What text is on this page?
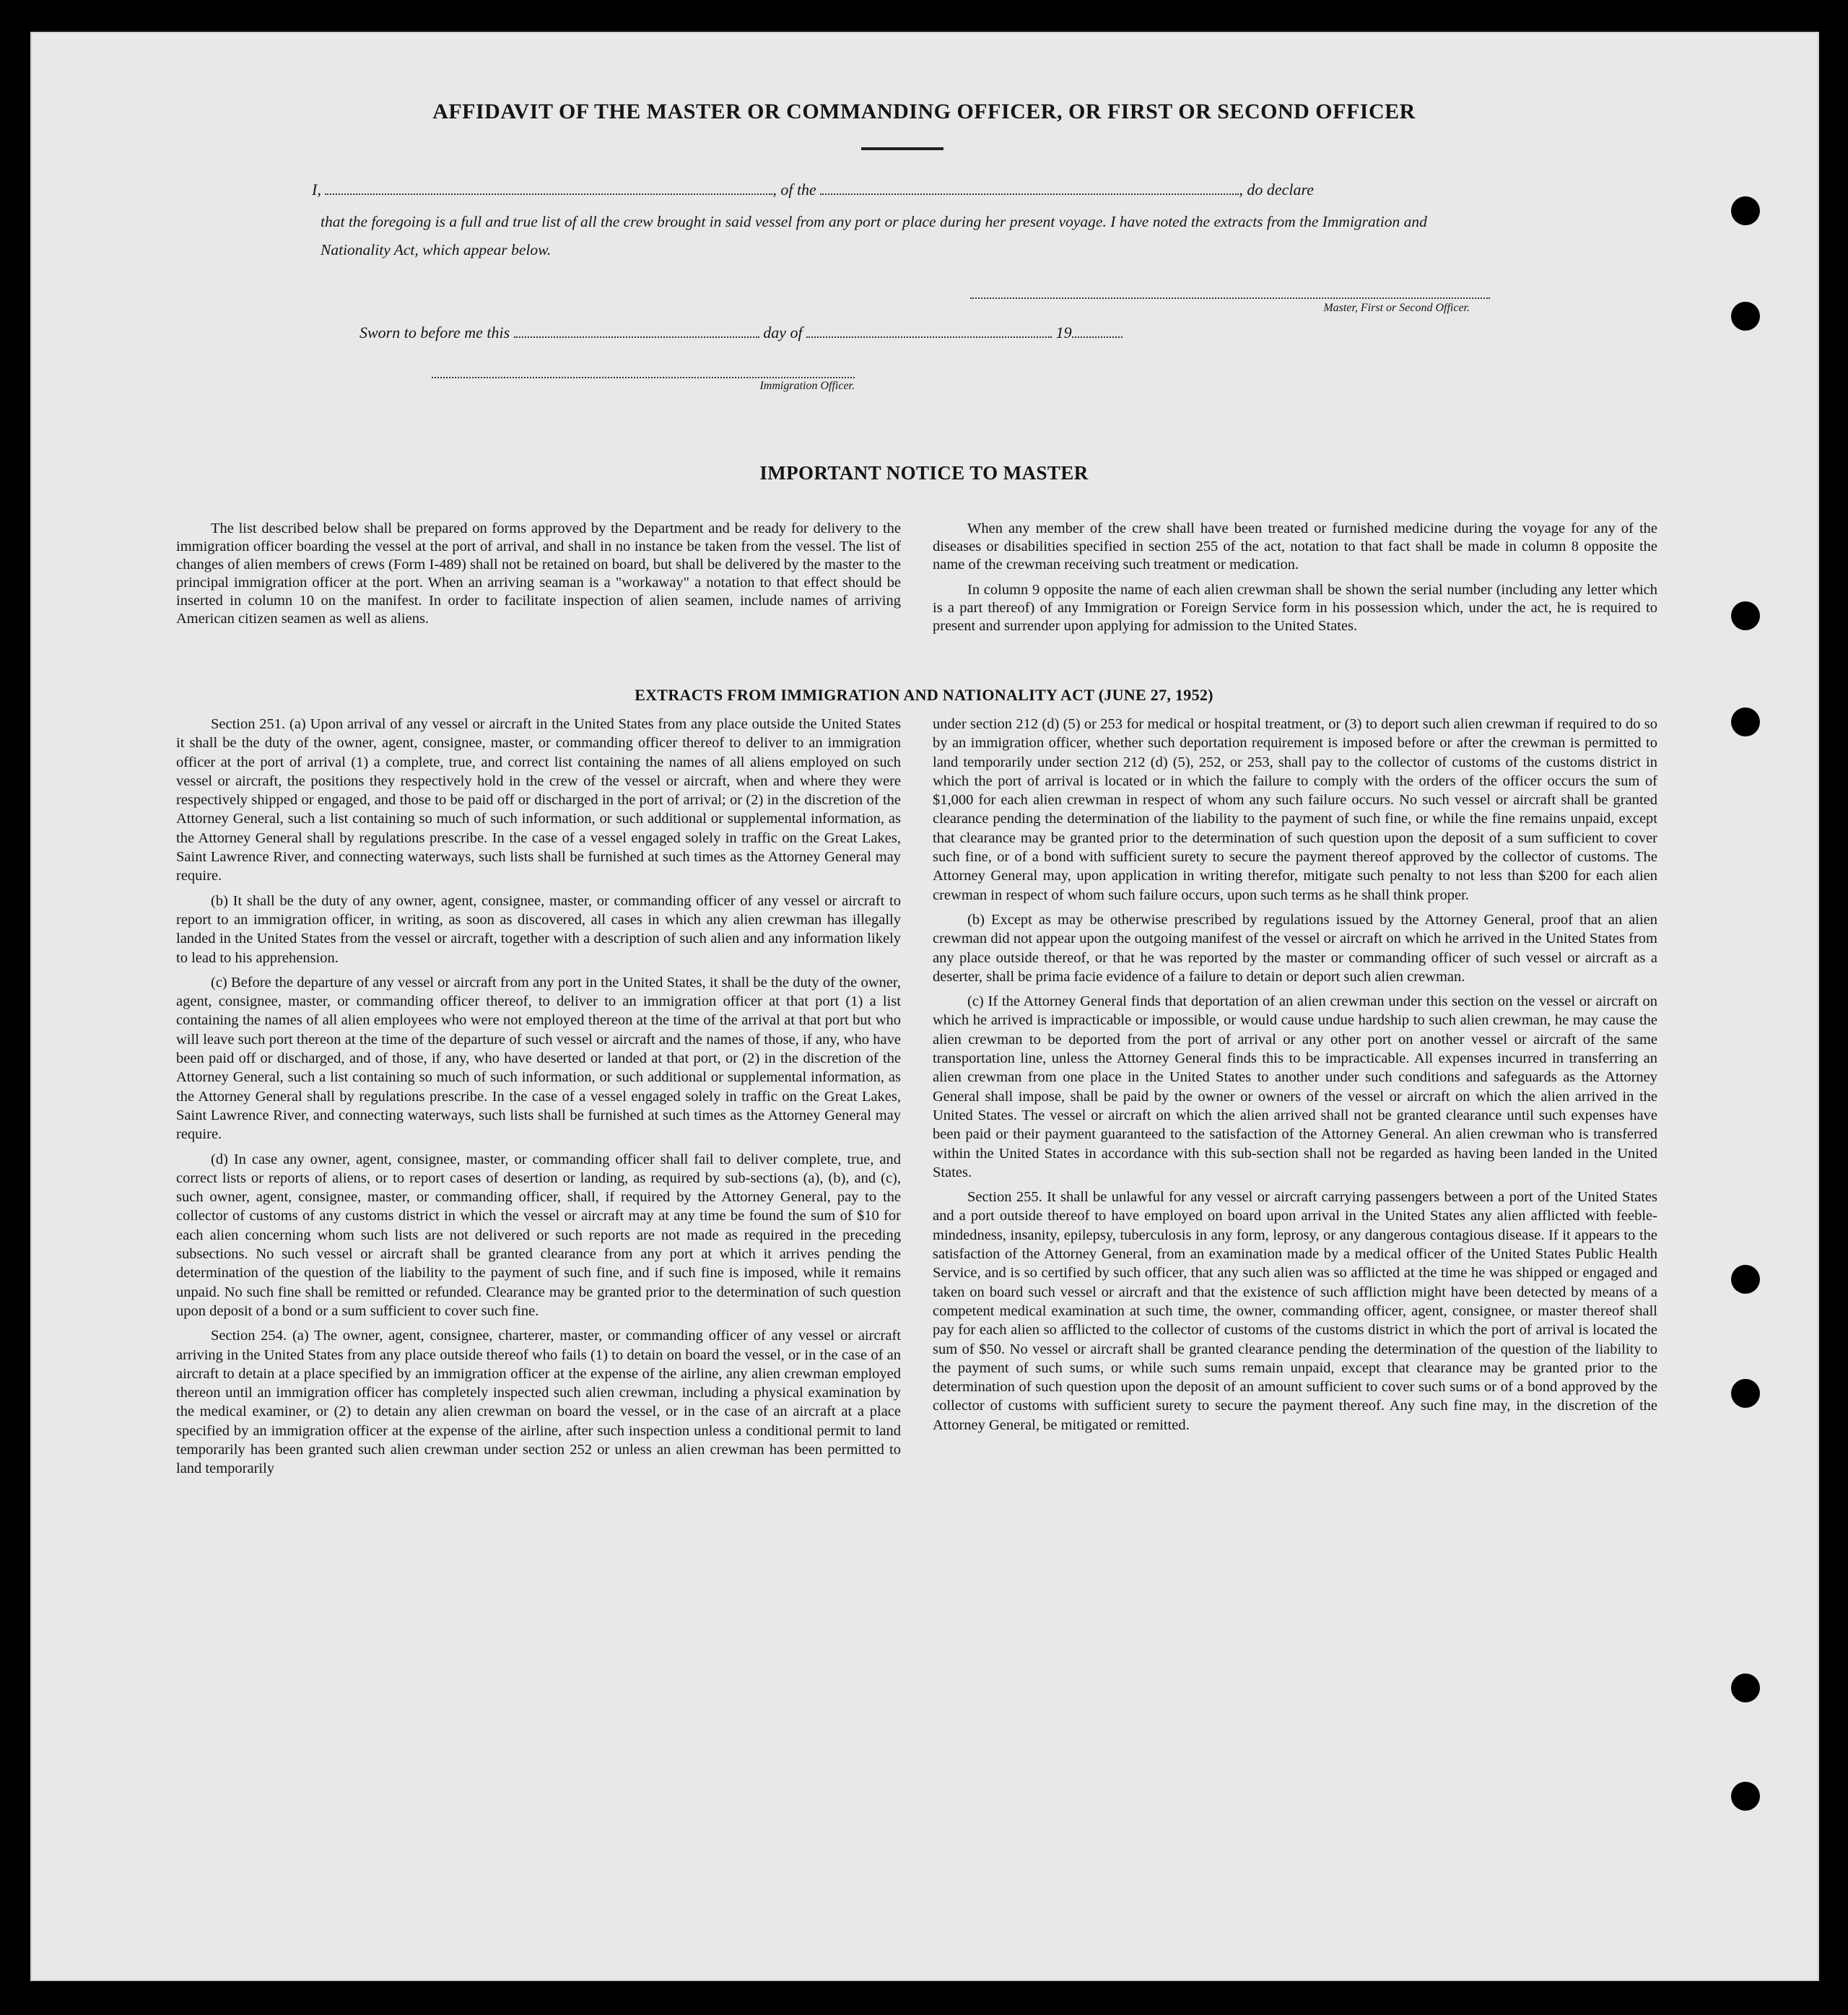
AFFIDAVIT OF THE MASTER OR COMMANDING OFFICER, OR FIRST OR SECOND OFFICER
I,	, of the	, do declare
that the foregoing is a full and true list of all the crew brought in said vessel from any port or place during her present voyage. I have noted the extracts from the Immigration and Nationality Act, which appear below.
Master, First or Second Officer.
Sworn to before me this	day of	19
Immigration Officer.
IMPORTANT NOTICE TO MASTER

The list described below shall be prepared on forms approved by the Department and be ready for delivery to the immigration officer boarding the vessel at the port of arrival, and shall in no instance be taken from the vessel. The list of changes of alien members of crews (Form I-489) shall not be retained on board, but shall be delivered by the master to the principal immigration officer at the port. When an arriving seaman is a "workaway" a notation to that effect should be inserted in column 10 on the manifest. In order to facilitate inspection of alien seamen, include names of arriving American citizen seamen as well as aliens.

When any member of the crew shall have been treated or furnished medicine during the voyage for any of the diseases or disabilities specified in section 255 of the act, notation to that fact shall be made in column 8 opposite the name of the crewman receiving such treatment or medication.

In column 9 opposite the name of each alien crewman shall be shown the serial number (including any letter which is a part thereof) of any Immigration or Foreign Service form in his possession which, under the act, he is required to present and surrender upon applying for admission to the United States.

EXTRACTS FROM IMMIGRATION AND NATIONALITY ACT (JUNE 27, 1952)

Section 251. (a) Upon arrival of any vessel or aircraft in the United States from any place outside the United States it shall be the duty of the owner, agent, consignee, master, or commanding officer thereof to deliver to an immigration officer at the port of arrival (1) a complete, true, and correct list containing the names of all aliens employed on such vessel or aircraft, the positions they respectively hold in the crew of the vessel or aircraft, when and where they were respectively shipped or engaged, and those to be paid off or discharged in the port of arrival; or (2) in the discretion of the Attorney General, such a list containing so much of such information, or such additional or supplemental information, as the Attorney General shall by regulations prescribe. In the case of a vessel engaged solely in traffic on the Great Lakes, Saint Lawrence River, and connecting waterways, such lists shall be furnished at such times as the Attorney General may require.

(b) It shall be the duty of any owner, agent, consignee, master, or commanding officer of any vessel or aircraft to report to an immigration officer, in writing, as soon as discovered, all cases in which any alien crewman has illegally landed in the United States from the vessel or aircraft, together with a description of such alien and any information likely to lead to his apprehension.

(c) Before the departure of any vessel or aircraft from any port in the United States, it shall be the duty of the owner, agent, consignee, master, or commanding officer thereof, to deliver to an immigration officer at that port (1) a list containing the names of all alien employees who were not employed thereon at the time of the arrival at that port but who will leave such port thereon at the time of the departure of such vessel or aircraft and the names of those, if any, who have been paid off or discharged, and of those, if any, who have deserted or landed at that port, or (2) in the discretion of the Attorney General, such a list containing so much of such information, or such additional or supplemental information, as the Attorney General shall by regulations prescribe. In the case of a vessel engaged solely in traffic on the Great Lakes, Saint Lawrence River, and connecting waterways, such lists shall be furnished at such times as the Attorney General may require.

(d) In case any owner, agent, consignee, master, or commanding officer shall fail to deliver complete, true, and correct lists or reports of aliens, or to report cases of desertion or landing, as required by sub-sections (a), (b), and (c), such owner, agent, consignee, master, or commanding officer, shall, if required by the Attorney General, pay to the collector of customs of any customs district in which the vessel or aircraft may at any time be found the sum of $10 for each alien concerning whom such lists are not delivered or such reports are not made as required in the preceding subsections. No such vessel or aircraft shall be granted clearance from any port at which it arrives pending the determination of the question of the liability to the payment of such fine, and if such fine is imposed, while it remains unpaid. No such fine shall be remitted or refunded. Clearance may be granted prior to the determination of such question upon deposit of a bond or a sum sufficient to cover such fine.

Section 254. (a) The owner, agent, consignee, charterer, master, or commanding officer of any vessel or aircraft arriving in the United States from any place outside thereof who fails (1) to detain on board the vessel, or in the case of an aircraft to detain at a place specified by an immigration officer at the expense of the airline, any alien crewman employed thereon until an immigration officer has completely inspected such alien crewman, including a physical examination by the medical examiner, or (2) to detain any alien crewman on board the vessel, or in the case of an aircraft at a place specified by an immigration officer at the expense of the airline, after such inspection unless a conditional permit to land temporarily has been granted such alien crewman under section 252 or unless an alien crewman has been permitted to land temporarily

under section 212 (d) (5) or 253 for medical or hospital treatment, or (3) to deport such alien crewman if required to do so by an immigration officer, whether such deportation requirement is imposed before or after the crewman is permitted to land temporarily under section 212 (d) (5), 252, or 253, shall pay to the collector of customs of the customs district in which the port of arrival is located or in which the failure to comply with the orders of the officer occurs the sum of $1,000 for each alien crewman in respect of whom any such failure occurs. No such vessel or aircraft shall be granted clearance pending the determination of the liability to the payment of such fine, or while the fine remains unpaid, except that clearance may be granted prior to the determination of such question upon the deposit of a sum sufficient to cover such fine, or of a bond with sufficient surety to secure the payment thereof approved by the collector of customs. The Attorney General may, upon application in writing therefor, mitigate such penalty to not less than $200 for each alien crewman in respect of whom such failure occurs, upon such terms as he shall think proper.

(b) Except as may be otherwise prescribed by regulations issued by the Attorney General, proof that an alien crewman did not appear upon the outgoing manifest of the vessel or aircraft on which he arrived in the United States from any place outside thereof, or that he was reported by the master or commanding officer of such vessel or aircraft as a deserter, shall be prima facie evidence of a failure to detain or deport such alien crewman.

(c) If the Attorney General finds that deportation of an alien crewman under this section on the vessel or aircraft on which he arrived is impracticable or impossible, or would cause undue hardship to such alien crewman, he may cause the alien crewman to be deported from the port of arrival or any other port on another vessel or aircraft of the same transportation line, unless the Attorney General finds this to be impracticable. All expenses incurred in transferring an alien crewman from one place in the United States to another under such conditions and safeguards as the Attorney General shall impose, shall be paid by the owner or owners of the vessel or aircraft on which the alien arrived in the United States. The vessel or aircraft on which the alien arrived shall not be granted clearance until such expenses have been paid or their payment guaranteed to the satisfaction of the Attorney General. An alien crewman who is transferred within the United States in accordance with this sub-section shall not be regarded as having been landed in the United States.

Section 255. It shall be unlawful for any vessel or aircraft carrying passengers between a port of the United States and a port outside thereof to have employed on board upon arrival in the United States any alien afflicted with feeble-mindedness, insanity, epilepsy, tuberculosis in any form, leprosy, or any dangerous contagious disease. If it appears to the satisfaction of the Attorney General, from an examination made by a medical officer of the United States Public Health Service, and is so certified by such officer, that any such alien was so afflicted at the time he was shipped or engaged and taken on board such vessel or aircraft and that the existence of such affliction might have been detected by means of a competent medical examination at such time, the owner, commanding officer, agent, consignee, or master thereof shall pay for each alien so afflicted to the collector of customs of the customs district in which the port of arrival is located the sum of $50. No vessel or aircraft shall be granted clearance pending the determination of the question of the liability to the payment of such sums, or while such sums remain unpaid, except that clearance may be granted prior to the determination of such question upon the deposit of an amount sufficient to cover such sums or of a bond approved by the collector of customs with sufficient surety to secure the payment thereof. Any such fine may, in the discretion of the Attorney General, be mitigated or remitted.
